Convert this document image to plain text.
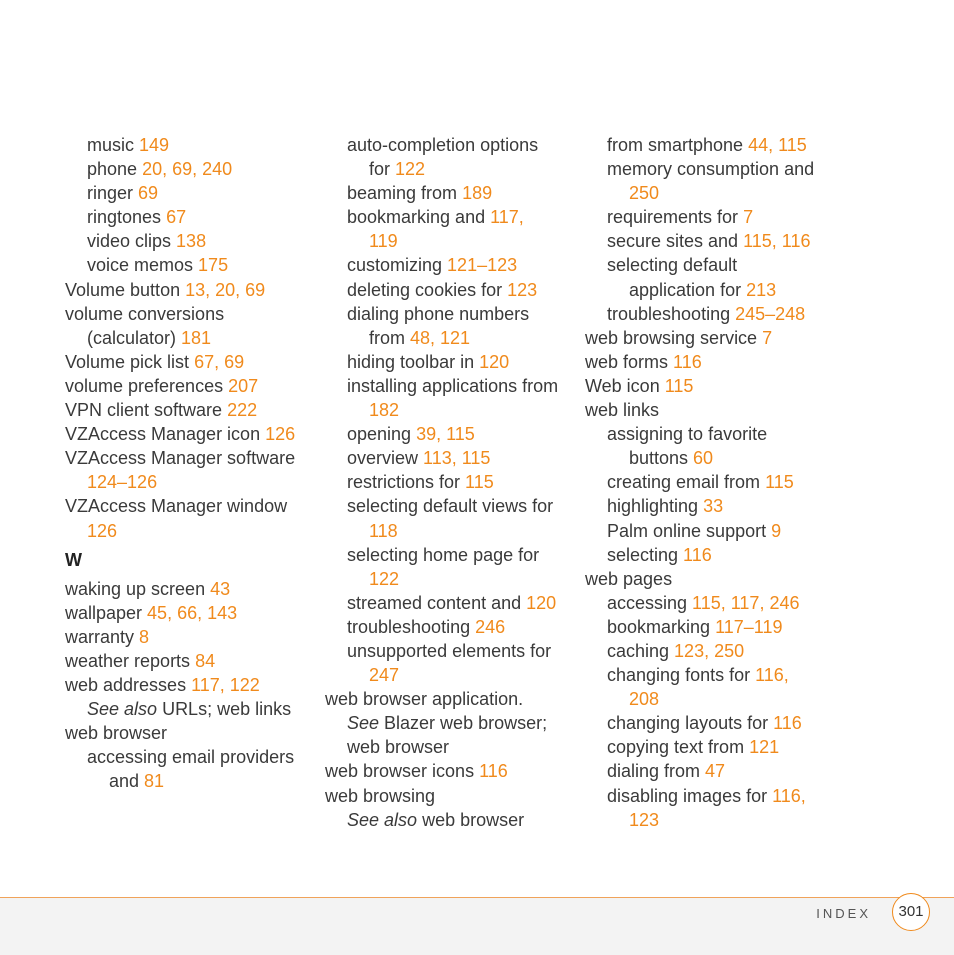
music 149
phone 20, 69, 240
ringer 69
ringtones 67
video clips 138
voice memos 175
Volume button 13, 20, 69
volume conversions
(calculator) 181
Volume pick list 67, 69
volume preferences 207
VPN client software 222
VZAccess Manager icon 126
VZAccess Manager software
124–126
VZAccess Manager window
126
W
waking up screen 43
wallpaper 45, 66, 143
warranty 8
weather reports 84
web addresses 117, 122
See also URLs; web links
web browser
accessing email providers
and 81
auto-completion options
for 122
beaming from 189
bookmarking and 117,
119
customizing 121–123
deleting cookies for 123
dialing phone numbers
from 48, 121
hiding toolbar in 120
installing applications from
182
opening 39, 115
overview 113, 115
restrictions for 115
selecting default views for
118
selecting home page for
122
streamed content and 120
troubleshooting 246
unsupported elements for
247
web browser application.
See Blazer web browser;
web browser
web browser icons 116
web browsing
See also web browser
from smartphone 44, 115
memory consumption and
250
requirements for 7
secure sites and 115, 116
selecting default
application for 213
troubleshooting 245–248
web browsing service 7
web forms 116
Web icon 115
web links
assigning to favorite
buttons 60
creating email from 115
highlighting 33
Palm online support 9
selecting 116
web pages
accessing 115, 117, 246
bookmarking 117–119
caching 123, 250
changing fonts for 116,
208
changing layouts for 116
copying text from 121
dialing from 47
disabling images for 116,
123
INDEX	301
